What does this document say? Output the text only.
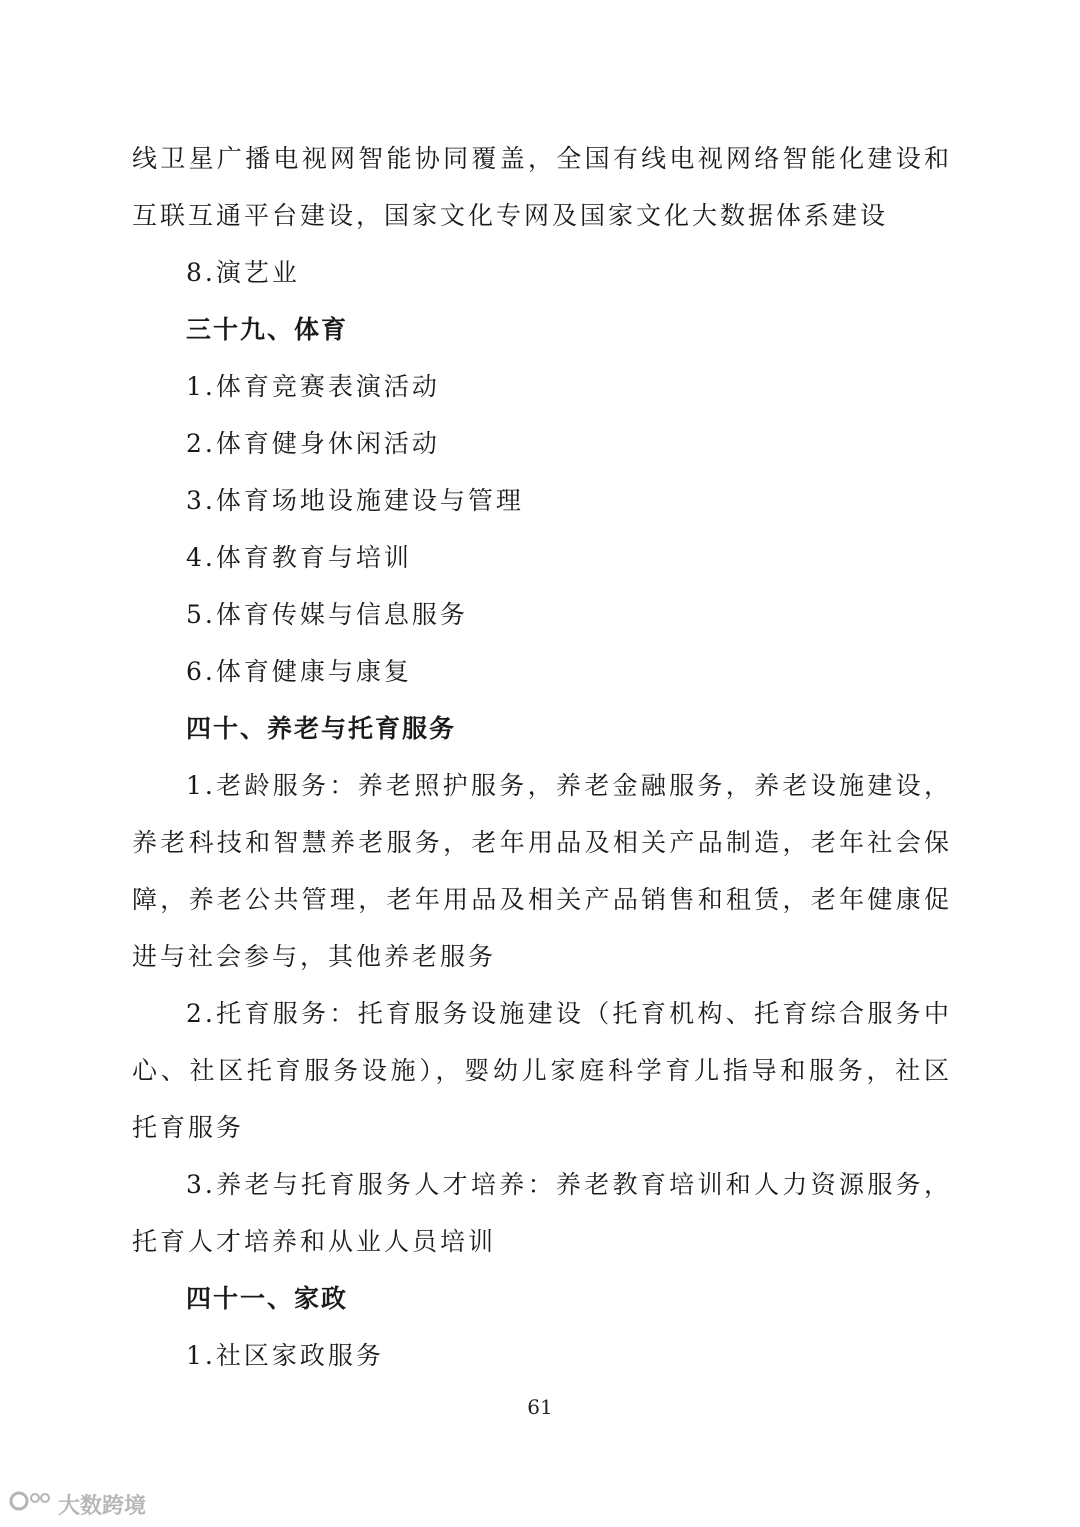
线卫星广播电视网智能协同覆盖，全国有线电视网络智能化建设和互联互通平台建设，国家文化专网及国家文化大数据体系建设

8.演艺业

三十九、体育

1.体育竞赛表演活动

2.体育健身休闲活动

3.体育场地设施建设与管理

4.体育教育与培训

5.体育传媒与信息服务

6.体育健康与康复

四十、养老与托育服务

1.老龄服务：养老照护服务，养老金融服务，养老设施建设，养老科技和智慧养老服务，老年用品及相关产品制造，老年社会保障，养老公共管理，老年用品及相关产品销售和租赁，老年健康促进与社会参与，其他养老服务

2.托育服务：托育服务设施建设（托育机构、托育综合服务中心、社区托育服务设施），婴幼儿家庭科学育儿指导和服务，社区托育服务

3.养老与托育服务人才培养：养老教育培训和人力资源服务，托育人才培养和从业人员培训

四十一、家政

1.社区家政服务

61
大数跨境
